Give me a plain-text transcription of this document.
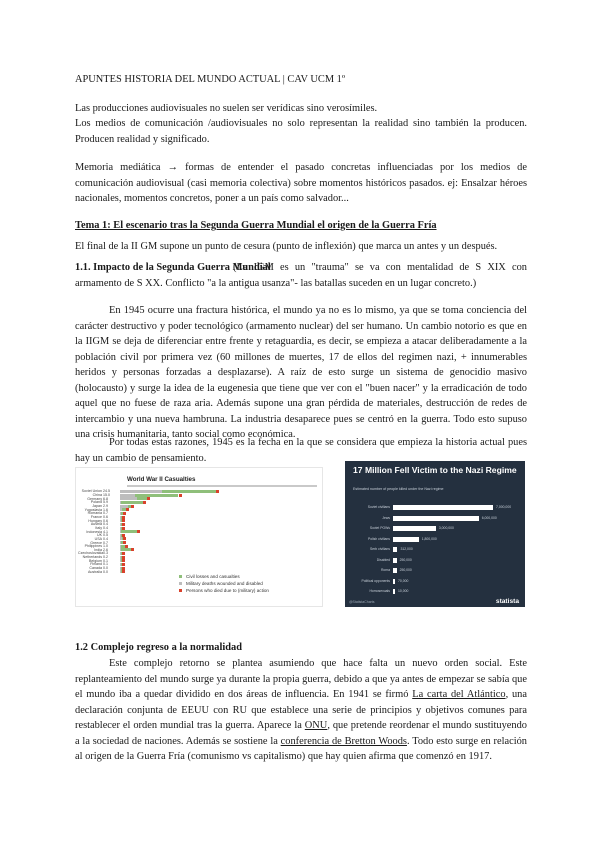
APUNTES HISTORIA DEL MUNDO ACTUAL | CAV UCM 1º

Las producciones audiovisuales no suelen ser verídicas sino verosímiles.

Los medios de comunicación /audiovisuales no solo representan la realidad sino también la producen. Producen realidad y significado.

Memoria mediática → formas de entender el pasado concretas influenciadas por los medios de comunicación audiovisual (casi memoria colectiva) sobre momentos históricos pasados. ej: Ensalzar héroes nacionales, momentos concretos, poner a un país como salvador...

Tema 1: El escenario tras la Segunda Guerra Mundial el origen de la Guerra Fría

El final de la II GM supone un punto de cesura (punto de inflexión) que marca un antes y un después.

1.1. Impacto de la Segunda Guerra Mundial

(La IGM es un "trauma" se va con mentalidad de S XIX con armamento de S XX. Conflicto "a la antigua usanza"- las batallas suceden en un lugar concreto.)

En 1945 ocurre una fractura histórica, el mundo ya no es lo mismo, ya que se toma conciencia del carácter destructivo y poder tecnológico (armamento nuclear) del ser humano. Un cambio notorio es que en la IIGM se deja de diferenciar entre frente y retaguardia, es decir, se empieza a atacar deliberadamente a la población civil por primera vez (60 millones de muertes, 17 de ellos del regimen nazi, + innumerables heridos y personas forzadas a desplazarse). A raíz de esto surge un sistema de genocidio masivo (holocausto) y surge la idea de la eugenesia que tiene que ver con el "buen nacer" y la erradicación de todo aquel que no fuese de raza aria. Además supone una gran pérdida de materiales, destrucción de redes de intercambio y una nueva hambruna. La industria desaparece pues se centró en la guerra. Todo esto supuso una crisis humanitaria, tanto social como económica.

Por todas estas razones, 1945 es la fecha en la que se considera que empieza la historia actual pues hay un cambio de pensamiento.

World War II Casualties
Soviet Union 24.5
China 15.0
Germany 6.8
Poland 5.9
Japan 2.9
Yugoslavia 1.6
Romania 0.7
France 0.6
Hungary 0.6
Austria 0.4
Italy 0.4
Indonesia 4.1
UK 0.5
USA 0.4
Greece 0.7
Philippines 1.0
India 2.6
Czechoslovakia 0.3
Netherlands 0.2
Belgium 0.1
Finland 0.1
Canada 0.0
Australia 0.0
Civil losses and casualties
Military deaths wounded and disabled
Persons who died due to (military) action
17 Million Fell Victim to the Nazi Regime
Estimated number of people killed under the Nazi regime
Soviet civilians	7,000,000
Jews	6,000,000
Soviet POWs	3,000,000
Polish civilians	1,800,000
Serb civilians	312,000
Disabled	250,000
Roma	250,000
Political opponents 70,000
Homosexuals 10,000
@StatistaCharts	statista

1.2 Complejo regreso a la normalidad

Este complejo retorno se plantea asumiendo que hace falta un nuevo orden social. Este replanteamiento del mundo surge ya durante la propia guerra, debido a que ya antes de empezar se sabía que el mundo iba a quedar dividido en dos áreas de influencia. En 1941 se firmó La carta del Atlántico, una declaración conjunta de EEUU con RU que establece una serie de principios y objetivos comunes para restablecer el orden mundial tras la guerra. Aparece la ONU, que pretende reordenar el mundo sustituyendo a la sociedad de naciones. Además se sostiene la conferencia de Bretton Woods. Todo esto surge en relación al origen de la Guerra Fría (comunismo vs capitalismo) que hay quien afirma que comenzó en 1917.
